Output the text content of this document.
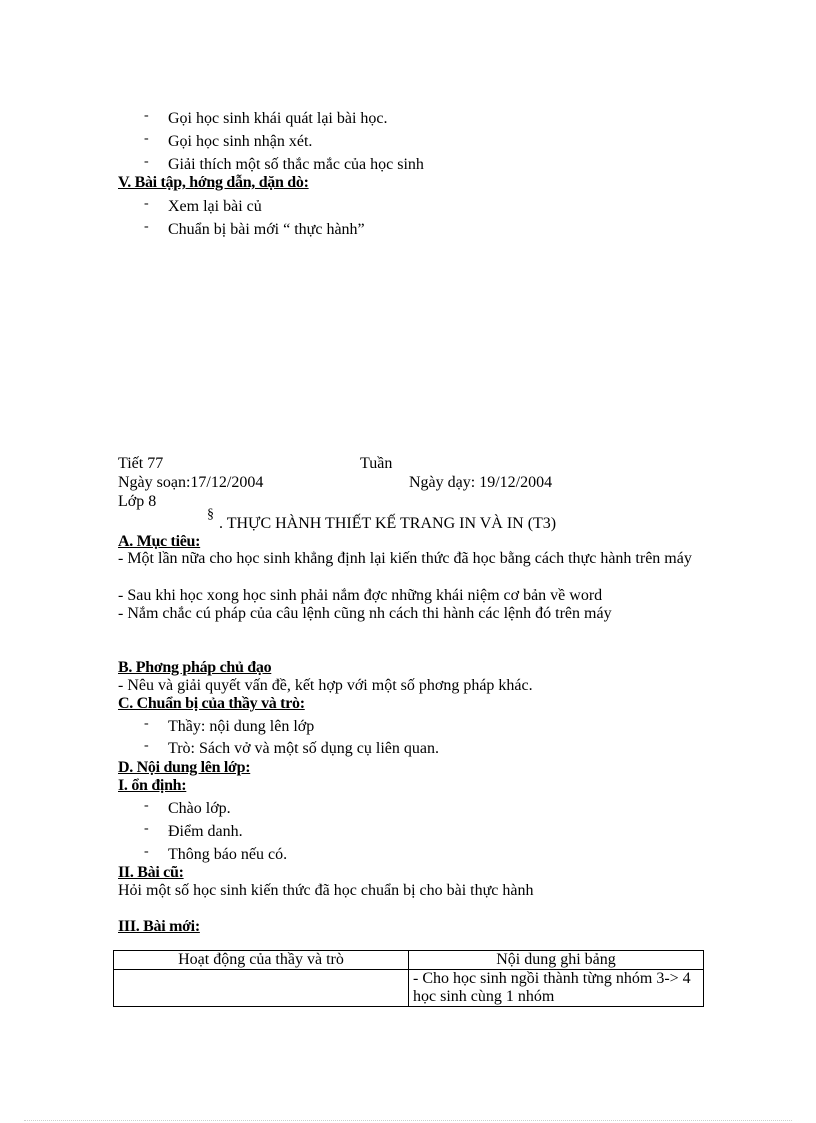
- Gọi học sinh khái quát lại bài học.
- Gọi học sinh nhận xét.
- Giải thích một số thắc mắc của học sinh
V. Bài tập, hớng dẫn, dặn dò:
- Xem lại bài củ
- Chuẩn bị bài mới “ thực hành”
Tiết 77	Tuần
Ngày soạn:17/12/2004	Ngày dạy: 19/12/2004
Lớp 8
§
. THỰC HÀNH THIẾT KẾ TRANG IN VÀ IN (T3)
A. Mục tiêu:
- Một lần nữa cho học sinh khẳng định lại kiến thức đã học bằng cách thực hành trên máy
- Sau khi học xong học sinh phải nắm đợc những khái niệm cơ bản về word
- Nắm chắc cú pháp của câu lệnh cũng nh cách thi hành các lệnh đó trên máy
B. Phơng pháp chủ đạo
- Nêu và giải quyết vấn đề, kết hợp với một số phơng pháp khác.
C. Chuẩn bị của thầy và trò:
- Thầy: nội dung lên lớp
- Trò: Sách vở và một số dụng cụ liên quan.
D. Nội dung lên lớp:
I. ổn định:
- Chào lớp.
- Điểm danh.
- Thông báo nếu có.
II. Bài cũ:
Hỏi một số học sinh kiến thức đã học chuẩn bị cho bài thực hành
III. Bài mới:
Hoạt động của thầy và trò	Nội dung ghi bảng
	- Cho học sinh ngồi thành từng nhóm 3-> 4 học sinh cùng 1 nhóm
